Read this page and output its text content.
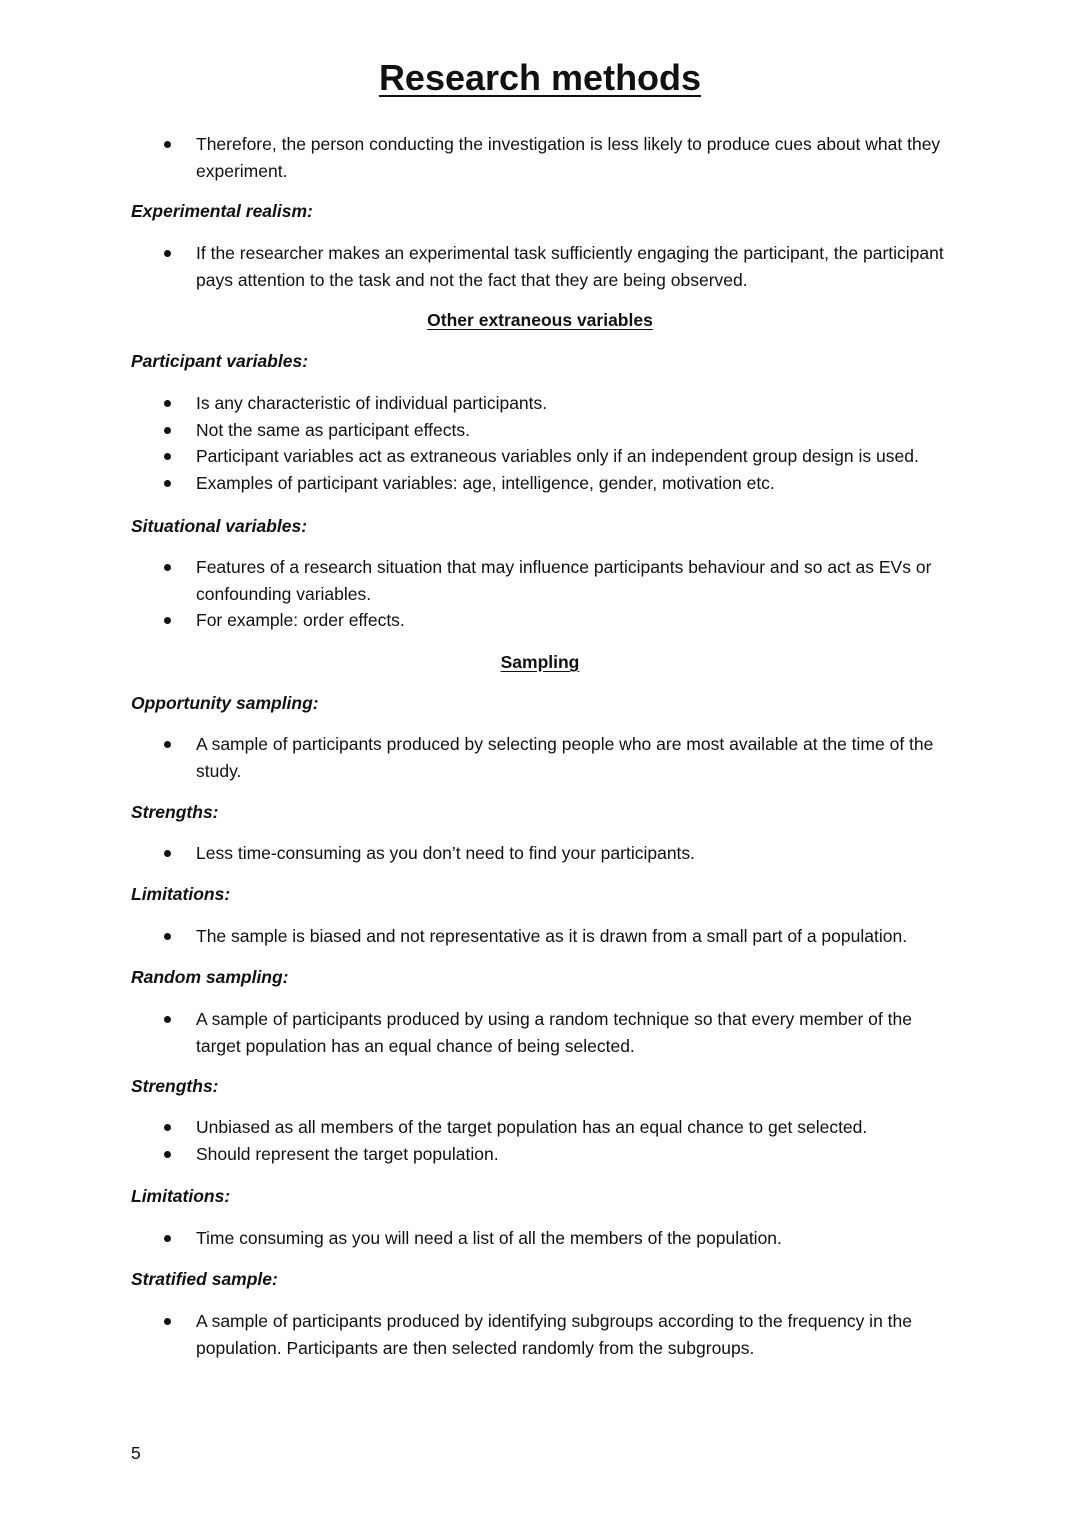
Research methods
Therefore, the person conducting the investigation is less likely to produce cues about what they experiment.
Experimental realism:
If the researcher makes an experimental task sufficiently engaging the participant, the participant pays attention to the task and not the fact that they are being observed.
Other extraneous variables
Participant variables:
Is any characteristic of individual participants.
Not the same as participant effects.
Participant variables act as extraneous variables only if an independent group design is used.
Examples of participant variables: age, intelligence, gender, motivation etc.
Situational variables:
Features of a research situation that may influence participants behaviour and so act as EVs or confounding variables.
For example: order effects.
Sampling
Opportunity sampling:
A sample of participants produced by selecting people who are most available at the time of the study.
Strengths:
Less time-consuming as you don’t need to find your participants.
Limitations:
The sample is biased and not representative as it is drawn from a small part of a population.
Random sampling:
A sample of participants produced by using a random technique so that every member of the target population has an equal chance of being selected.
Strengths:
Unbiased as all members of the target population has an equal chance to get selected.
Should represent the target population.
Limitations:
Time consuming as you will need a list of all the members of the population.
Stratified sample:
A sample of participants produced by identifying subgroups according to the frequency in the population. Participants are then selected randomly from the subgroups.
5
